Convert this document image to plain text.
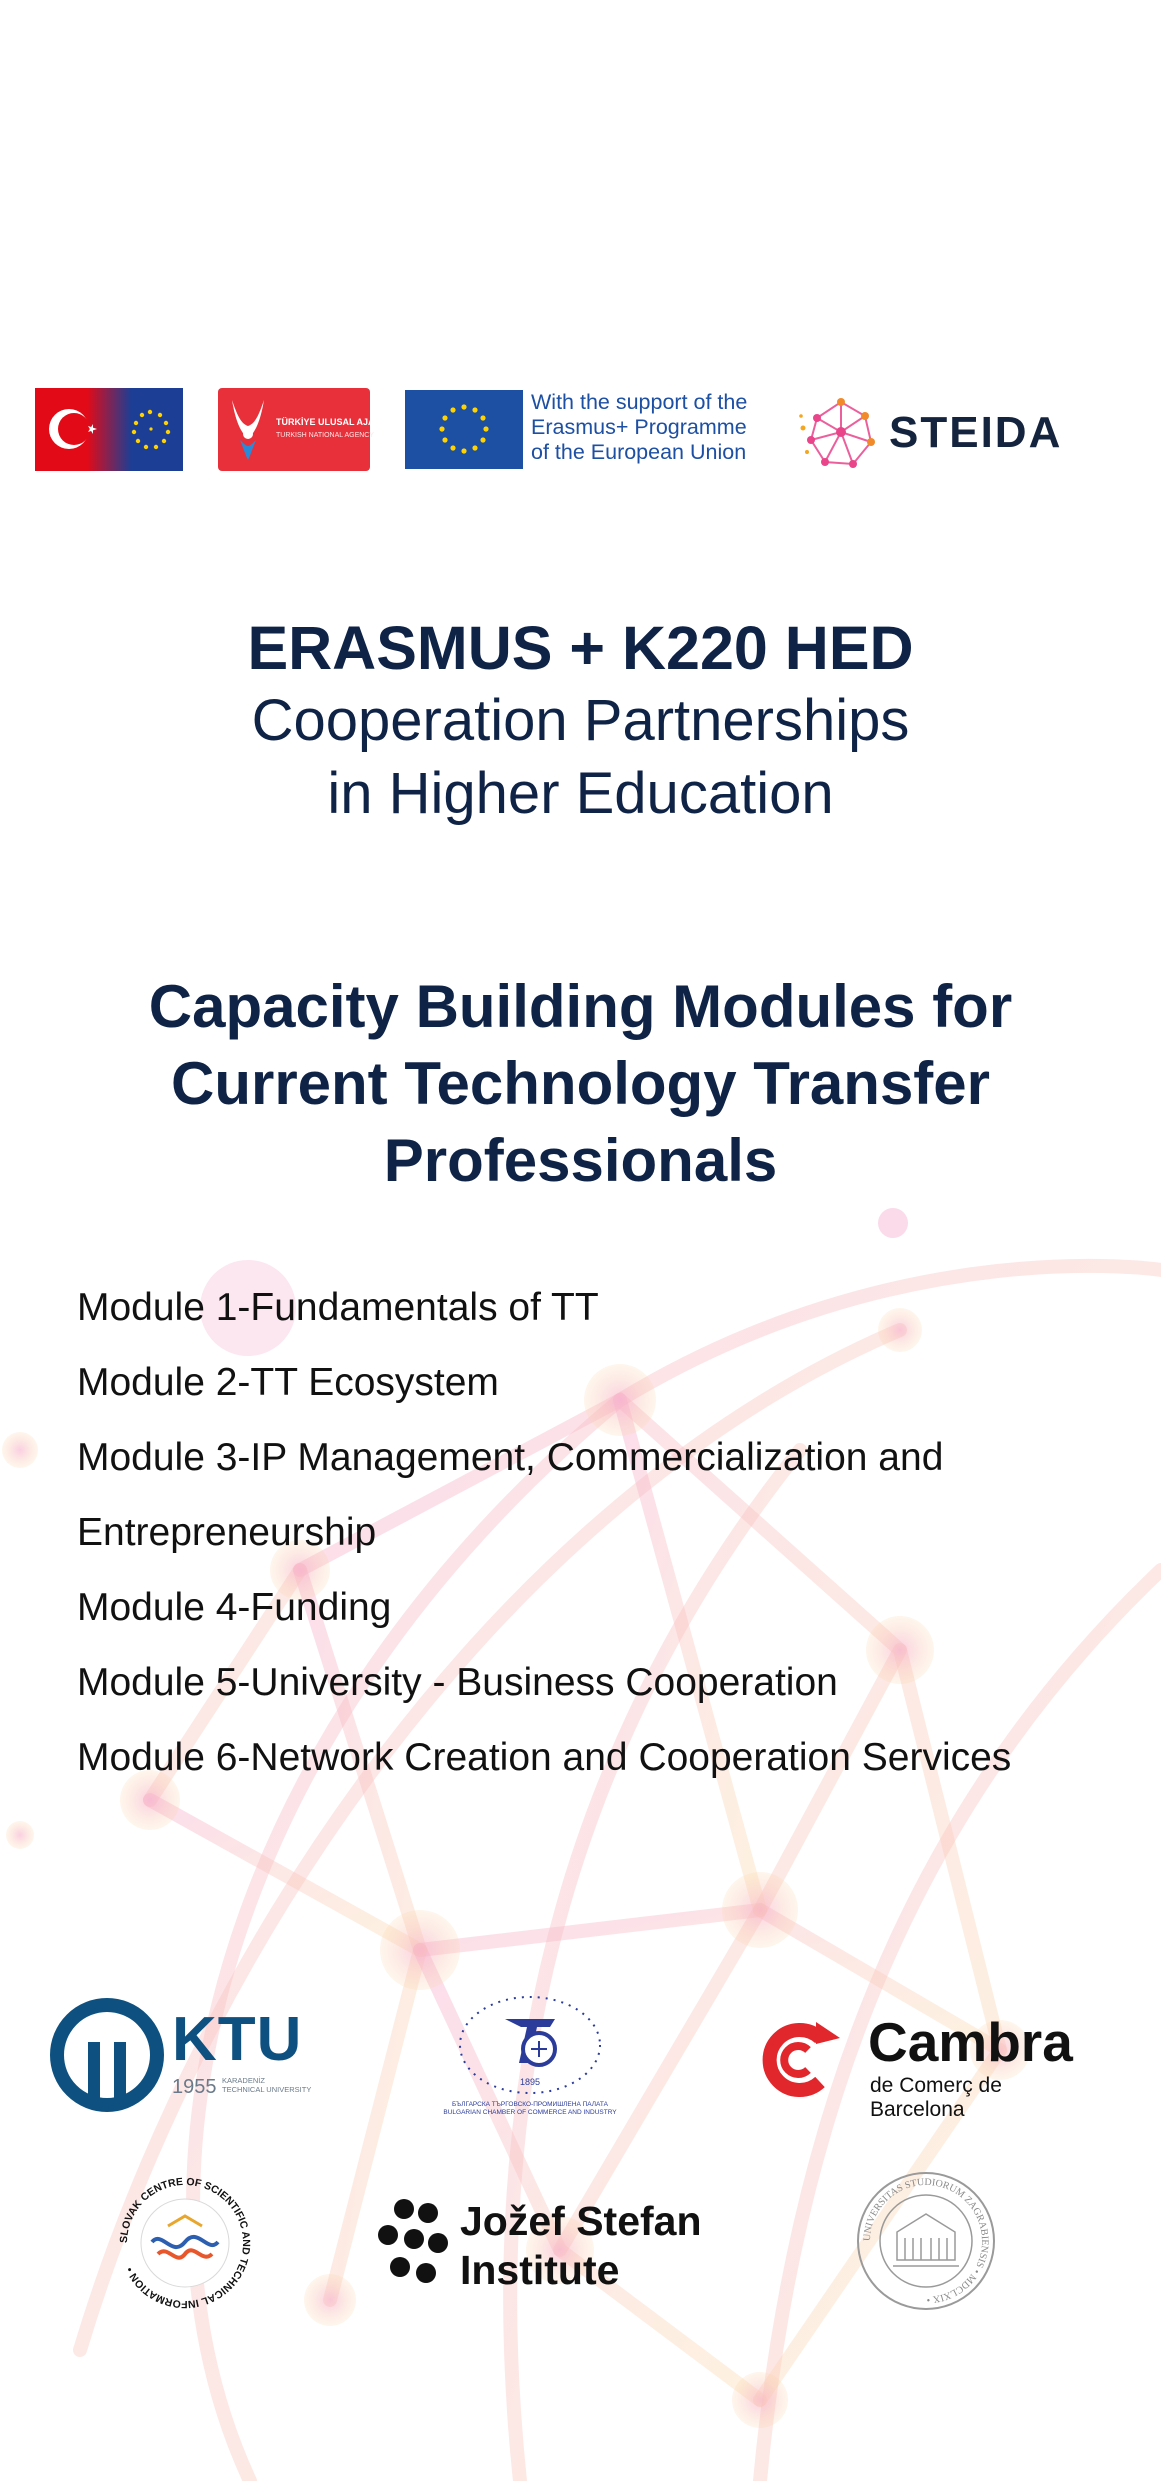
TÜRKİYE ULUSAL AJANSI
TURKISH NATIONAL AGENCY
With the support of the
Erasmus+ Programme
of the European Union	STEIDA
ERASMUS + K220 HED
Cooperation Partnerships
in Higher Education
Capacity Building Modules for
Current Technology Transfer
Professionals
Module 1-Fundamentals of TT
Module 2-TT Ecosystem
Module 3-IP Management, Commercialization and
Entrepreneurship
Module 4-Funding
Module 5-University - Business Cooperation
Module 6-Network Creation and Cooperation Services
KTU
1955 KARADENİZ
TECHNICAL UNIVERSITY
1895
БЪЛГАРСКА ТЪРГОВСКО-ПРОМИШЛЕНА ПАЛАТА
BULGARIAN CHAMBER OF COMMERCE AND INDUSTRY
Cambra
de Comerç de Barcelona
SLOVAK CENTRE OF SCIENTIFIC AND TECHNICAL INFORMATION •
Jožef Stefan
Institute
UNIVERSITAS STUDIORUM ZAGRABIENSIS • MDCLXIX •
